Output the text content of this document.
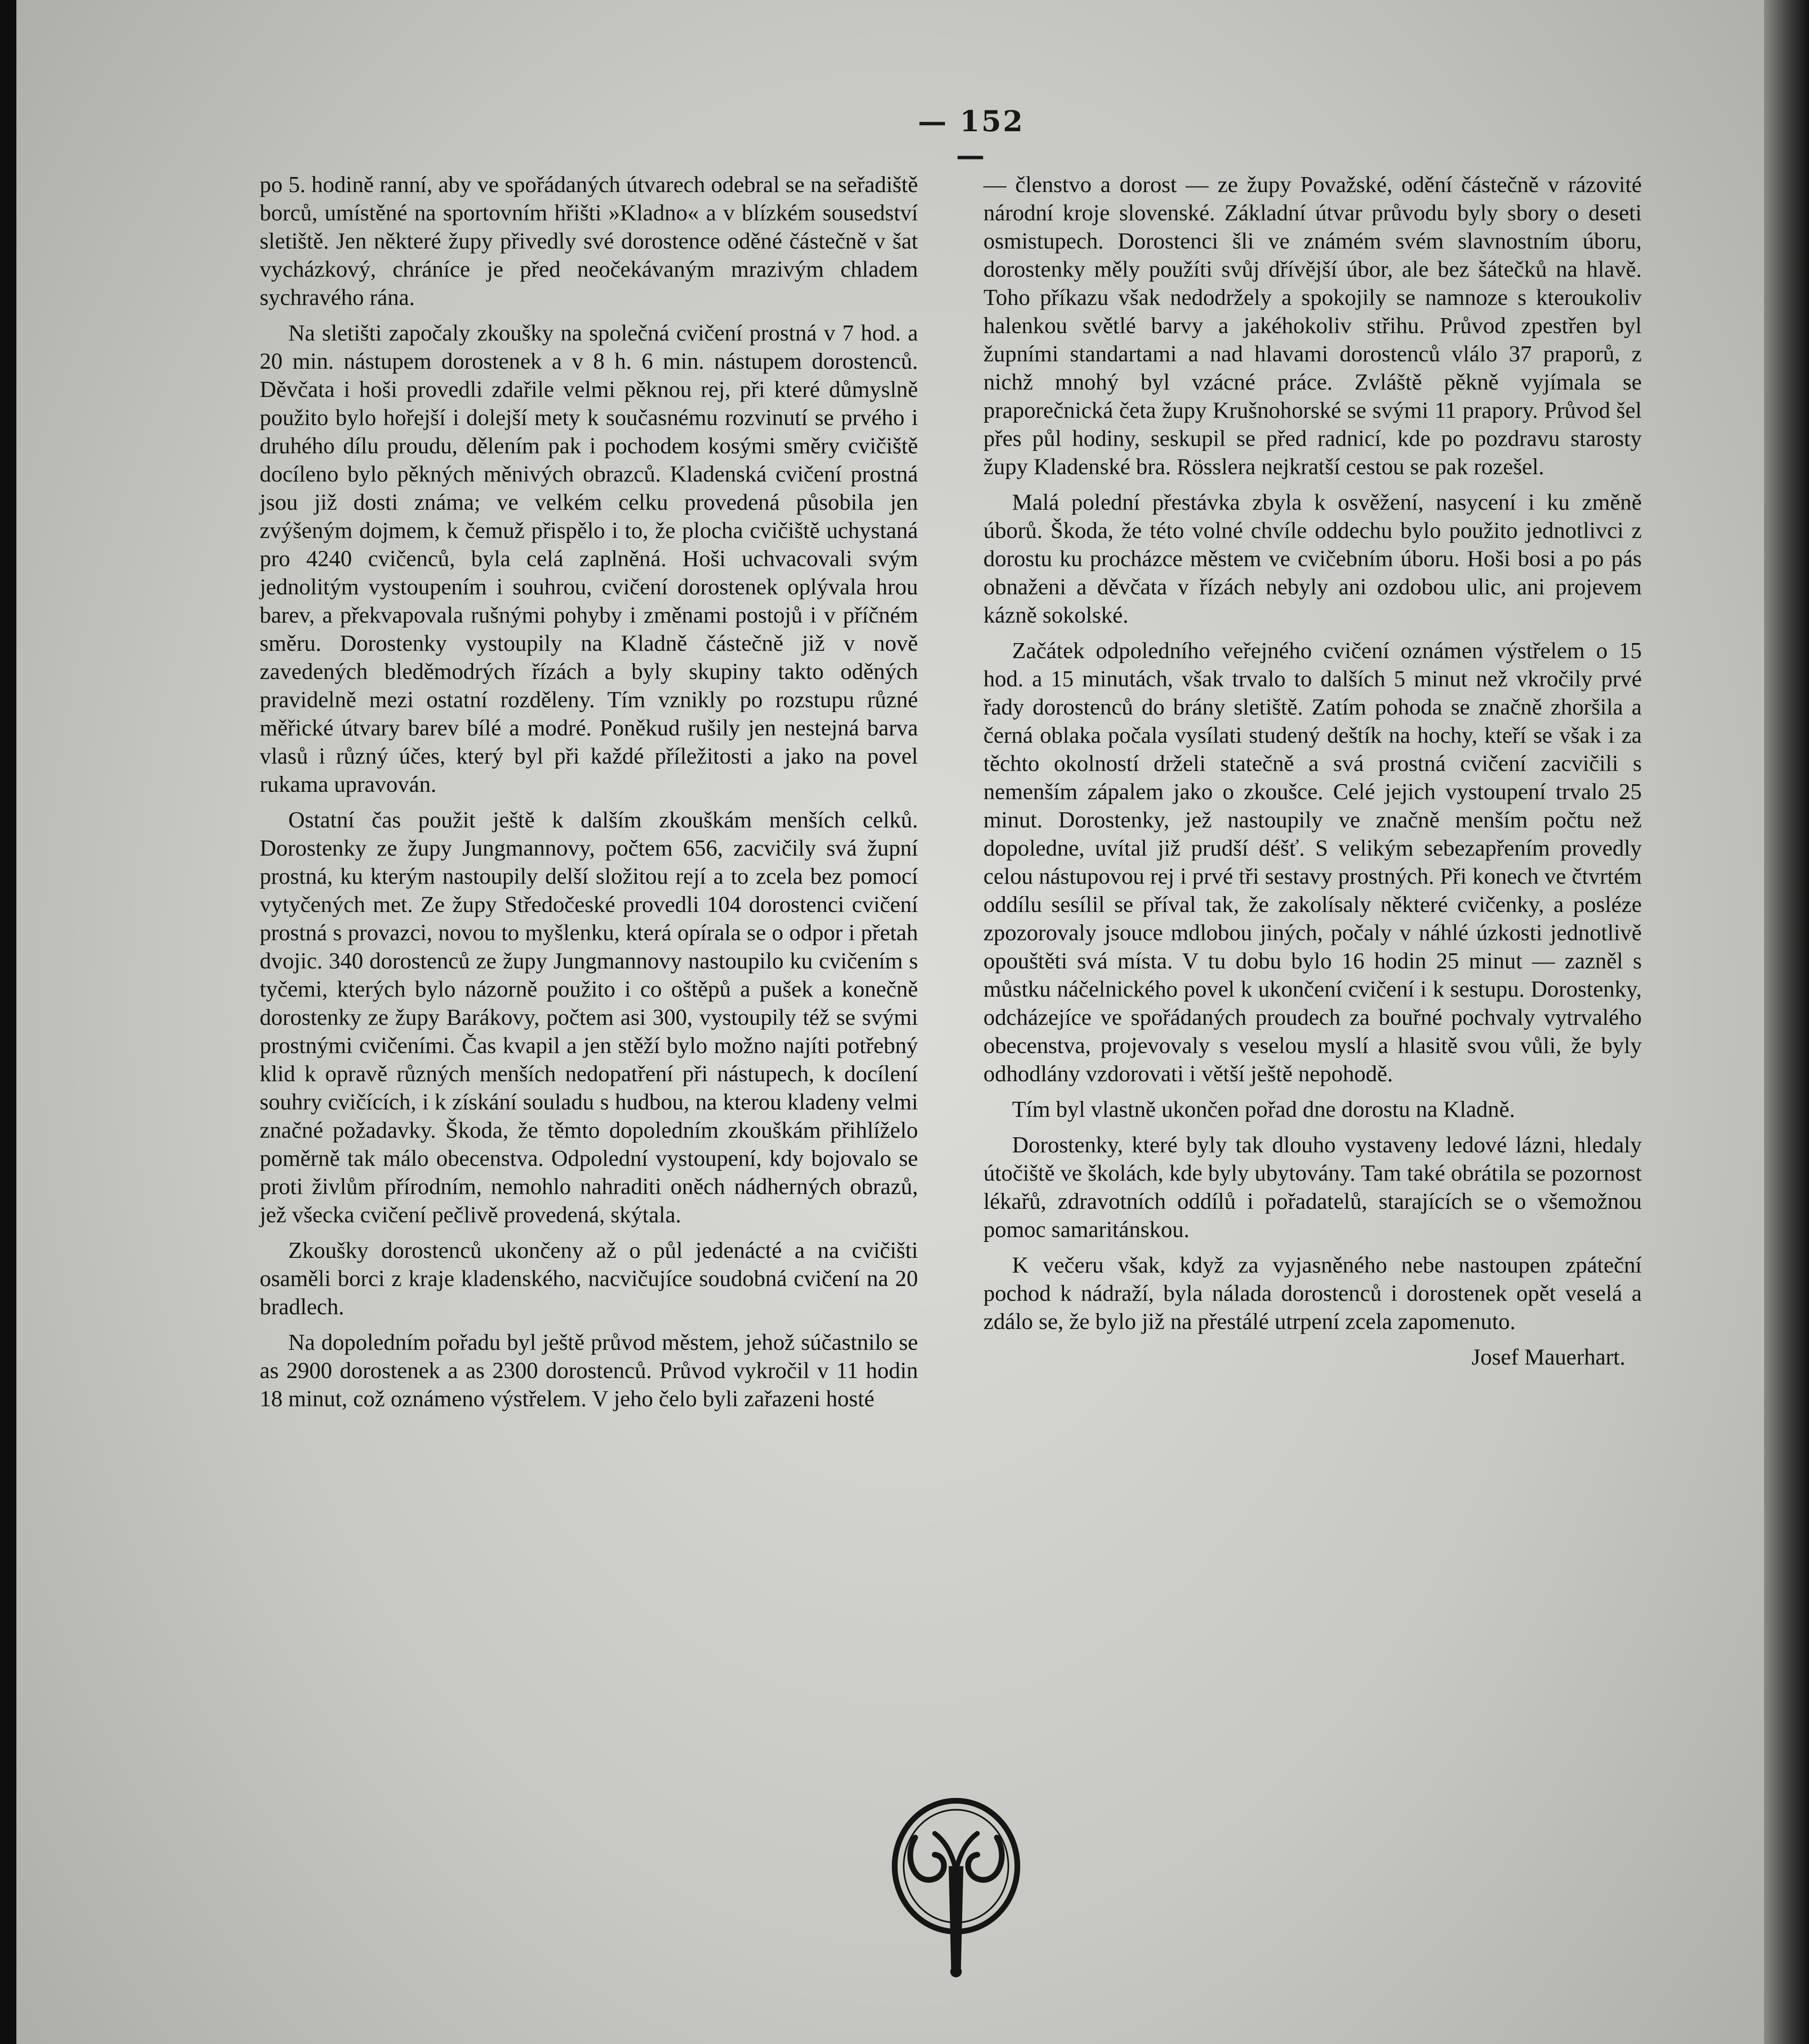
— 152 —

po 5. hodině ranní, aby ve spořádaných útvarech odebral se na seřadiště borců, umístěné na sportovním hřišti »Kladno« a v blízkém sousedství sletiště. Jen některé župy přivedly své dorostence oděné částečně v šat vycházkový, chráníce je před neočekávaným mrazivým chladem sychravého rána.

Na sletišti započaly zkoušky na společná cvičení prostná v 7 hod. a 20 min. nástupem dorostenek a v 8 h. 6 min. nástupem dorostenců. Děvčata i hoši provedli zdařile velmi pěknou rej, při které důmyslně použito bylo hořejší i dolejší mety k současnému rozvinutí se prvého i druhého dílu proudu, dělením pak i pochodem kosými směry cvičiště docíleno bylo pěkných měnivých obrazců. Kladenská cvičení prostná jsou již dosti známa; ve velkém celku provedená působila jen zvýšeným dojmem, k čemuž přispělo i to, že plocha cvičiště uchystaná pro 4240 cvičenců, byla celá zaplněná. Hoši uchvacovali svým jednolitým vystoupením i souhrou, cvičení dorostenek oplývala hrou barev, a překvapovala rušnými pohyby i změnami postojů i v příčném směru. Dorostenky vystoupily na Kladně částečně již v nově zavedených bleděmodrých řízách a byly skupiny takto oděných pravidelně mezi ostatní rozděleny. Tím vznikly po rozstupu různé měřické útvary barev bílé a modré. Poněkud rušily jen nestejná barva vlasů i různý účes, který byl při každé příležitosti a jako na povel rukama upravován.

Ostatní čas použit ještě k dalším zkouškám menších celků. Dorostenky ze župy Jungmannovy, počtem 656, zacvičily svá župní prostná, ku kterým nastoupily delší složitou rejí a to zcela bez pomocí vytyčených met. Ze župy Středočeské provedli 104 dorostenci cvičení prostná s provazci, novou to myšlenku, která opírala se o odpor i přetah dvojic. 340 dorostenců ze župy Jungmannovy nastoupilo ku cvičením s tyčemi, kterých bylo názorně použito i co oštěpů a pušek a konečně dorostenky ze župy Barákovy, počtem asi 300, vystoupily též se svými prostnými cvičeními. Čas kvapil a jen stěží bylo možno najíti potřebný klid k opravě různých menších nedopatření při nástupech, k docílení souhry cvičících, i k získání souladu s hudbou, na kterou kladeny velmi značné požadavky. Škoda, že těmto dopoledním zkouškám přihlíželo poměrně tak málo obecenstva. Odpolední vystoupení, kdy bojovalo se proti živlům přírodním, nemohlo nahraditi oněch nádherných obrazů, jež všecka cvičení pečlivě provedená, skýtala.

Zkoušky dorostenců ukončeny až o půl jedenácté a na cvičišti osaměli borci z kraje kladenského, nacvičujíce soudobná cvičení na 20 bradlech.

Na dopoledním pořadu byl ještě průvod městem, jehož súčastnilo se as 2900 dorostenek a as 2300 dorostenců. Průvod vykročil v 11 hodin 18 minut, což oznámeno výstřelem. V jeho čelo byli zařazeni hosté

— členstvo a dorost — ze župy Považské, odění částečně v rázovité národní kroje slovenské. Základní útvar průvodu byly sbory o deseti osmistupech. Dorostenci šli ve známém svém slavnostním úboru, dorostenky měly použíti svůj dřívější úbor, ale bez šátečků na hlavě. Toho příkazu však nedodržely a spokojily se namnoze s kteroukoliv halenkou světlé barvy a jakéhokoliv střihu. Průvod zpestřen byl župními standartami a nad hlavami dorostenců vlálo 37 praporů, z nichž mnohý byl vzácné práce. Zvláště pěkně vyjímala se praporečnická četa župy Krušnohorské se svými 11 prapory. Průvod šel přes půl hodiny, seskupil se před radnicí, kde po pozdravu starosty župy Kladenské bra. Rösslera nejkratší cestou se pak rozešel.

Malá polední přestávka zbyla k osvěžení, nasycení i ku změně úborů. Škoda, že této volné chvíle oddechu bylo použito jednotlivci z dorostu ku procházce městem ve cvičebním úboru. Hoši bosi a po pás obnaženi a děvčata v řízách nebyly ani ozdobou ulic, ani projevem kázně sokolské.

Začátek odpoledního veřejného cvičení oznámen výstřelem o 15 hod. a 15 minutách, však trvalo to dalších 5 minut než vkročily prvé řady dorostenců do brány sletiště. Zatím pohoda se značně zhoršila a černá oblaka počala vysílati studený deštík na hochy, kteří se však i za těchto okolností drželi statečně a svá prostná cvičení zacvičili s nemenším zápalem jako o zkoušce. Celé jejich vystoupení trvalo 25 minut. Dorostenky, jež nastoupily ve značně menším počtu než dopoledne, uvítal již prudší déšť. S velikým sebezapřením provedly celou nástupovou rej i prvé tři sestavy prostných. Při konech ve čtvrtém oddílu sesílil se příval tak, že zakolísaly některé cvičenky, a posléze zpozorovaly jsouce mdlobou jiných, počaly v náhlé úzkosti jednotlivě opouštěti svá místa. V tu dobu bylo 16 hodin 25 minut — zazněl s můstku náčelnického povel k ukončení cvičení i k sestupu. Dorostenky, odcházejíce ve spořádaných proudech za bouřné pochvaly vytrvalého obecenstva, projevovaly s veselou myslí a hlasitě svou vůli, že byly odhodlány vzdorovati i větší ještě nepohodě.

Tím byl vlastně ukončen pořad dne dorostu na Kladně.

Dorostenky, které byly tak dlouho vystaveny ledové lázni, hledaly útočiště ve školách, kde byly ubytovány. Tam také obrátila se pozornost lékařů, zdravotních oddílů i pořadatelů, starajících se o všemožnou pomoc samaritánskou.

K večeru však, když za vyjasněného nebe nastoupen zpáteční pochod k nádraží, byla nálada dorostenců i dorostenek opět veselá a zdálo se, že bylo již na přestálé utrpení zcela zapomenuto.

Josef Mauerhart.
